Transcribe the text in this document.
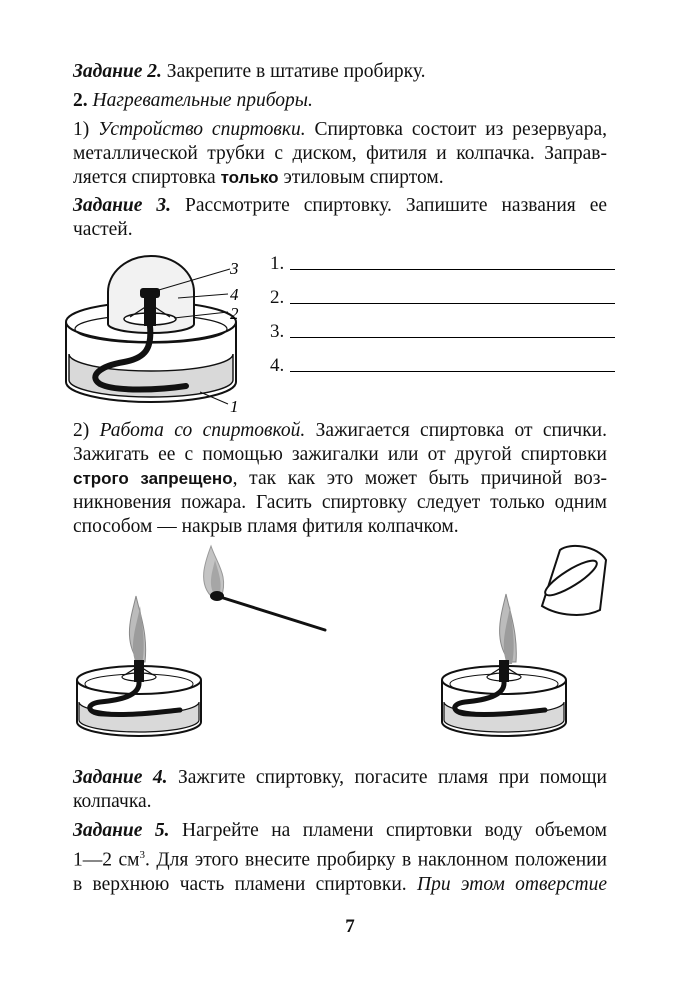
Задание 2. Закрепите в штативе пробирку.
2. Нагревательные приборы.
1) Устройство спиртовки. Спиртовка состоит из резервуара,
металлической трубки с диском, фитиля и колпачка. Заправ-
ляется спиртовка только этиловым спиртом.
Задание 3. Рассмотрите спиртовку. Запишите названия ее
частей.
3
4
2
1
1.
2.
3.
4.
2) Работа со спиртовкой. Зажигается спиртовка от спички.
Зажигать ее с помощью зажигалки или от другой спиртовки
строго запрещено, так как это может быть причиной воз-
никновения пожара. Гасить спиртовку следует только одним
способом — накрыв пламя фитиля колпачком.
Задание 4. Зажгите спиртовку, погасите пламя при помощи
колпачка.
Задание 5. Нагрейте на пламени спиртовки воду объемом
1—2 $см^3$. Для этого внесите пробирку в наклонном положении
в верхнюю часть пламени спиртовки. При этом отверстие
7
